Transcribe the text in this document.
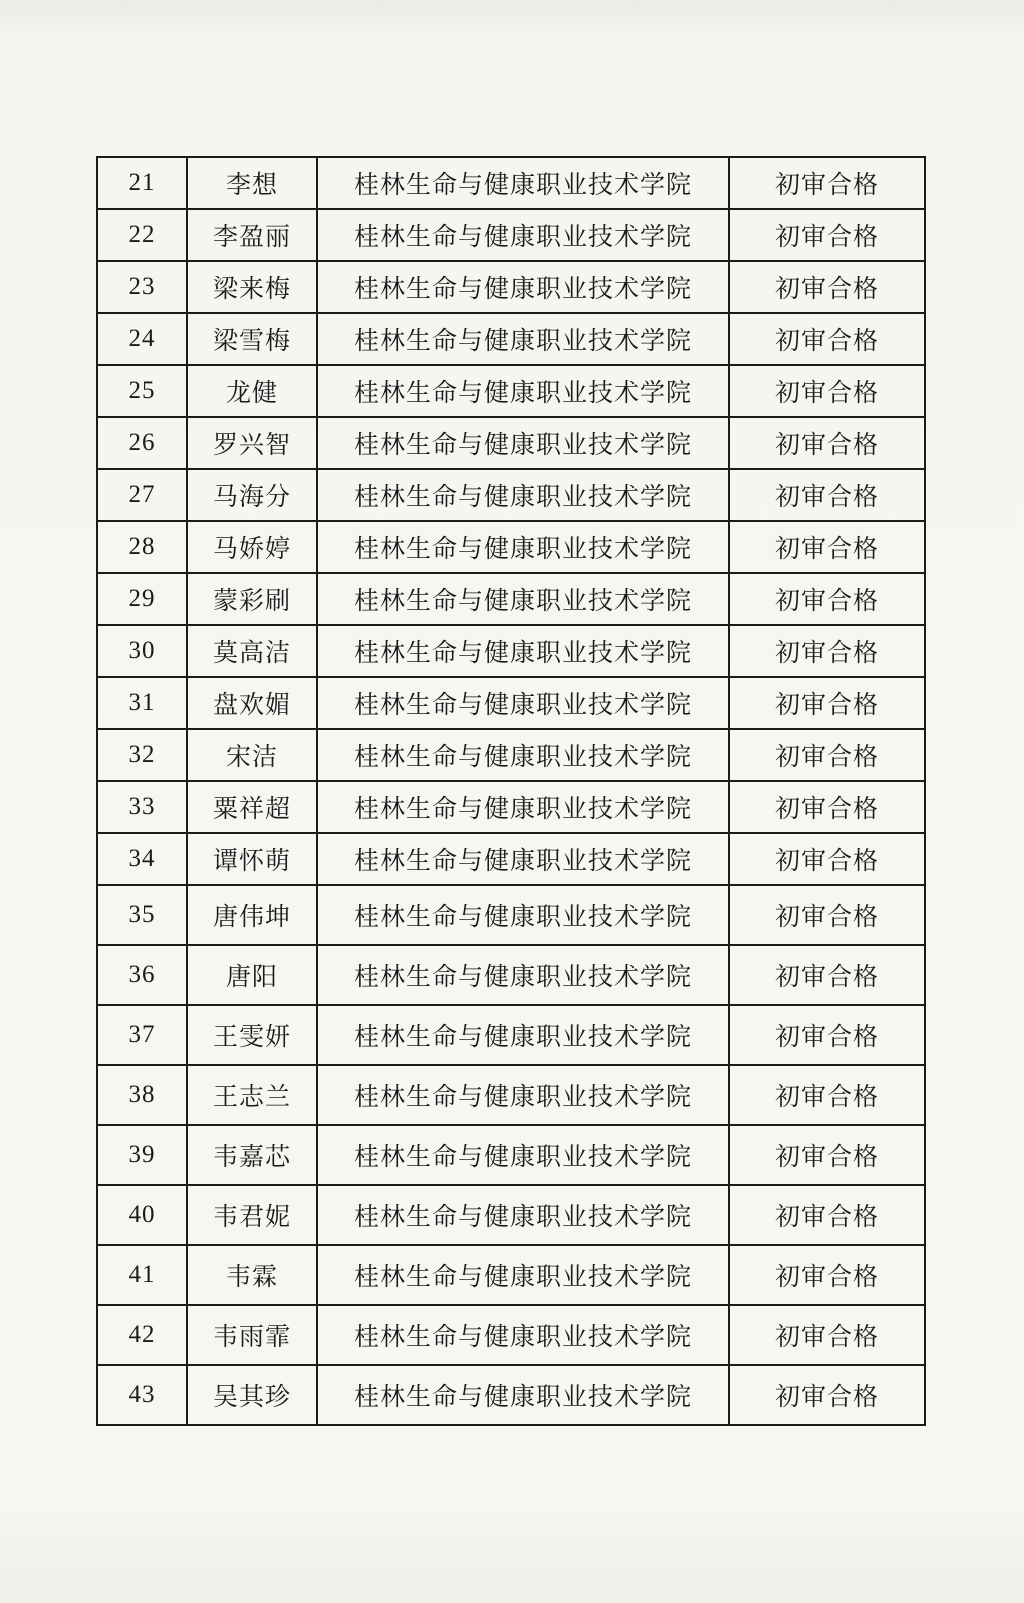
21	李想	桂林生命与健康职业技术学院	初审合格
22	李盈丽	桂林生命与健康职业技术学院	初审合格
23	梁来梅	桂林生命与健康职业技术学院	初审合格
24	梁雪梅	桂林生命与健康职业技术学院	初审合格
25	龙健	桂林生命与健康职业技术学院	初审合格
26	罗兴智	桂林生命与健康职业技术学院	初审合格
27	马海分	桂林生命与健康职业技术学院	初审合格
28	马娇婷	桂林生命与健康职业技术学院	初审合格
29	蒙彩刷	桂林生命与健康职业技术学院	初审合格
30	莫高洁	桂林生命与健康职业技术学院	初审合格
31	盘欢媚	桂林生命与健康职业技术学院	初审合格
32	宋洁	桂林生命与健康职业技术学院	初审合格
33	粟祥超	桂林生命与健康职业技术学院	初审合格
34	谭怀萌	桂林生命与健康职业技术学院	初审合格
35	唐伟坤	桂林生命与健康职业技术学院	初审合格
36	唐阳	桂林生命与健康职业技术学院	初审合格
37	王雯妍	桂林生命与健康职业技术学院	初审合格
38	王志兰	桂林生命与健康职业技术学院	初审合格
39	韦嘉芯	桂林生命与健康职业技术学院	初审合格
40	韦君妮	桂林生命与健康职业技术学院	初审合格
41	韦霖	桂林生命与健康职业技术学院	初审合格
42	韦雨霏	桂林生命与健康职业技术学院	初审合格
43	吴其珍	桂林生命与健康职业技术学院	初审合格
